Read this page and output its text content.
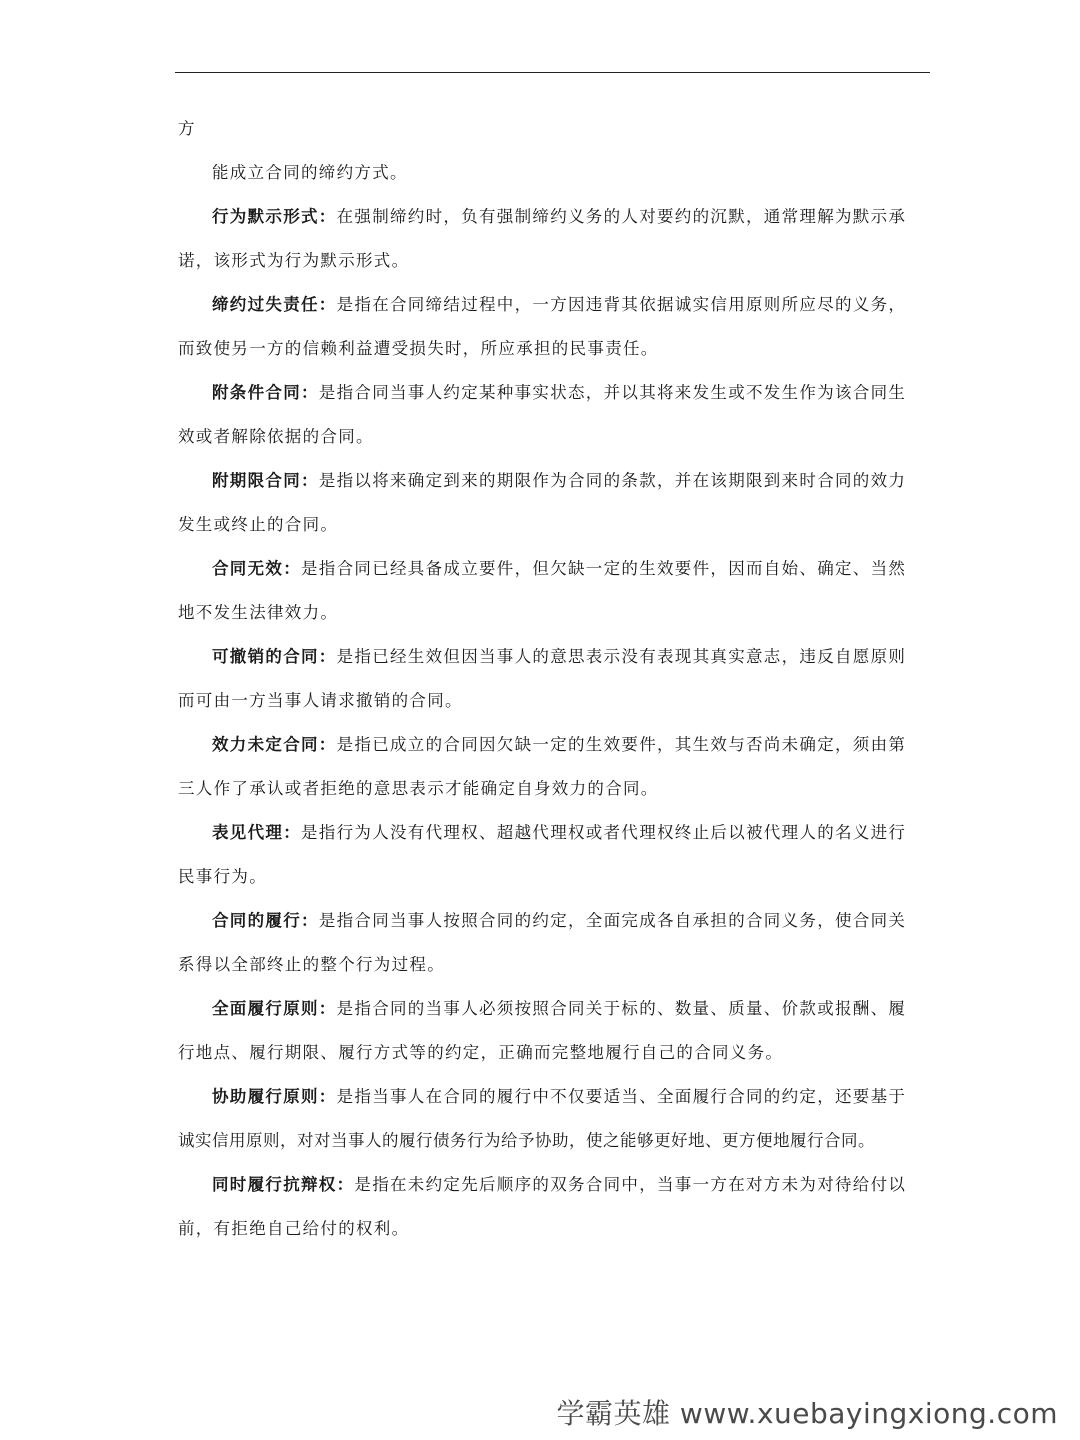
方
能成立合同的缔约方式。
行为默示形式：在强制缔约时，负有强制缔约义务的人对要约的沉默，通常理解为默示承
诺，该形式为行为默示形式。
缔约过失责任：是指在合同缔结过程中，一方因违背其依据诚实信用原则所应尽的义务，
而致使另一方的信赖利益遭受损失时，所应承担的民事责任。
附条件合同：是指合同当事人约定某种事实状态，并以其将来发生或不发生作为该合同生
效或者解除依据的合同。
附期限合同：是指以将来确定到来的期限作为合同的条款，并在该期限到来时合同的效力
发生或终止的合同。
合同无效：是指合同已经具备成立要件，但欠缺一定的生效要件，因而自始、确定、当然
地不发生法律效力。
可撤销的合同：是指已经生效但因当事人的意思表示没有表现其真实意志，违反自愿原则
而可由一方当事人请求撤销的合同。
效力未定合同：是指已成立的合同因欠缺一定的生效要件，其生效与否尚未确定，须由第
三人作了承认或者拒绝的意思表示才能确定自身效力的合同。
表见代理：是指行为人没有代理权、超越代理权或者代理权终止后以被代理人的名义进行
民事行为。
合同的履行：是指合同当事人按照合同的约定，全面完成各自承担的合同义务，使合同关
系得以全部终止的整个行为过程。
全面履行原则：是指合同的当事人必须按照合同关于标的、数量、质量、价款或报酬、履
行地点、履行期限、履行方式等的约定，正确而完整地履行自己的合同义务。
协助履行原则：是指当事人在合同的履行中不仅要适当、全面履行合同的约定，还要基于
诚实信用原则，对对当事人的履行债务行为给予协助，使之能够更好地、更方便地履行合同。
同时履行抗辩权：是指在未约定先后顺序的双务合同中，当事一方在对方未为对待给付以
前，有拒绝自己给付的权利。
学霸英雄 www.xuebayingxiong.com
